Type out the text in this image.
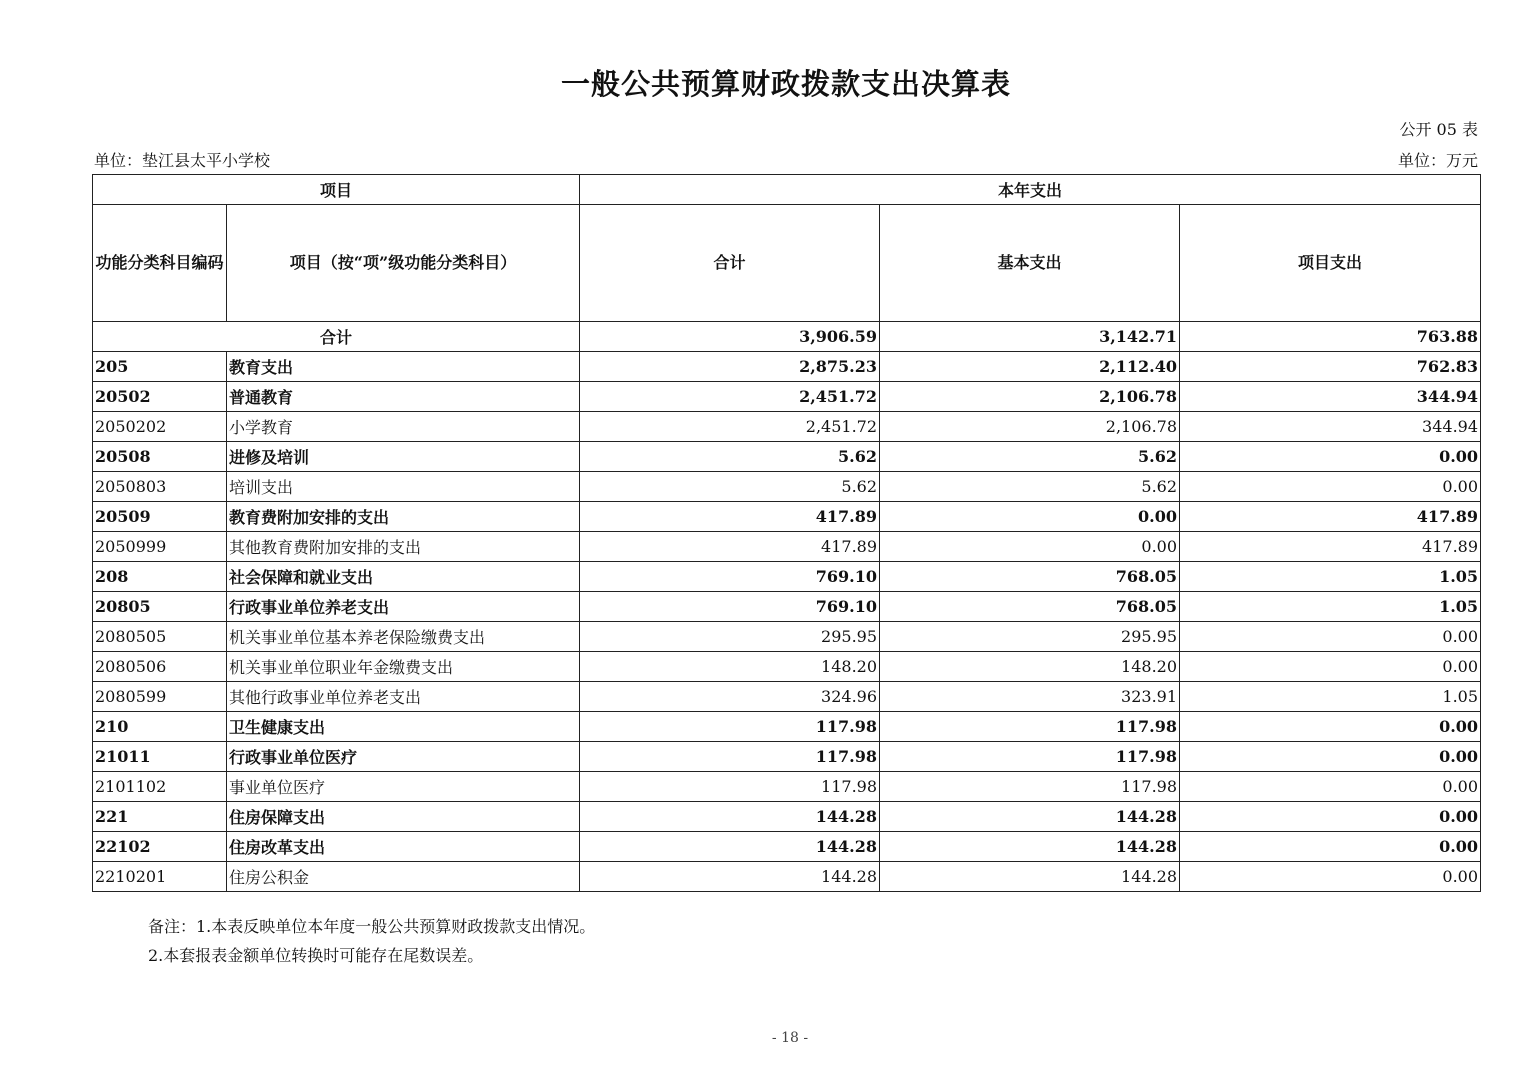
一般公共预算财政拨款支出决算表
公开 05 表
单位：垫江县太平小学校	单位：万元
项目		本年支出		
功能分类科目编码	项目（按“项”级功能分类科目）	合计	基本支出	项目支出
合计		3,906.59	3,142.71	763.88
205	教育支出	2,875.23	2,112.40	762.83
20502	普通教育	2,451.72	2,106.78	344.94
2050202	小学教育	2,451.72	2,106.78	344.94
20508	进修及培训	5.62	5.62	0.00
2050803	培训支出	5.62	5.62	0.00
20509	教育费附加安排的支出	417.89	0.00	417.89
2050999	其他教育费附加安排的支出	417.89	0.00	417.89
208	社会保障和就业支出	769.10	768.05	1.05
20805	行政事业单位养老支出	769.10	768.05	1.05
2080505	机关事业单位基本养老保险缴费支出	295.95	295.95	0.00
2080506	机关事业单位职业年金缴费支出	148.20	148.20	0.00
2080599	其他行政事业单位养老支出	324.96	323.91	1.05
210	卫生健康支出	117.98	117.98	0.00
21011	行政事业单位医疗	117.98	117.98	0.00
2101102	事业单位医疗	117.98	117.98	0.00
221	住房保障支出	144.28	144.28	0.00
22102	住房改革支出	144.28	144.28	0.00
2210201	住房公积金	144.28	144.28	0.00
备注：1.本表反映单位本年度一般公共预算财政拨款支出情况。
2.本套报表金额单位转换时可能存在尾数误差。
- 18 -
